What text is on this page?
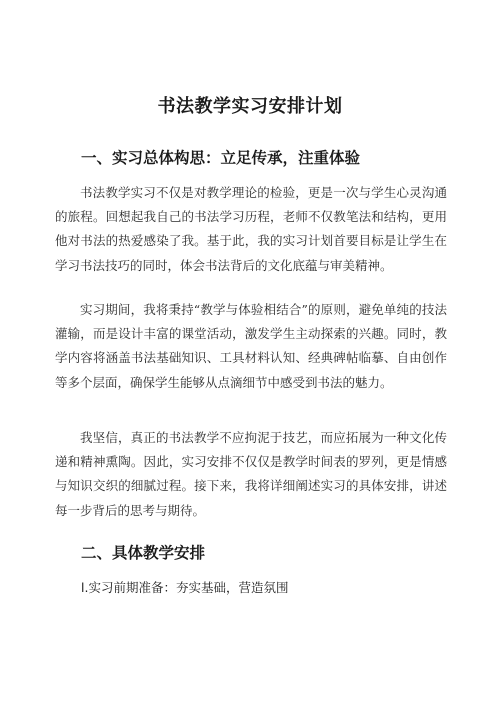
书法教学实习安排计划
一、实习总体构思：立足传承，注重体验

书法教学实习不仅是对教学理论的检验，更是一次与学生心灵沟通的旅程。回想起我自己的书法学习历程，老师不仅教笔法和结构，更用他对书法的热爱感染了我。基于此，我的实习计划首要目标是让学生在学习书法技巧的同时，体会书法背后的文化底蕴与审美精神。

实习期间，我将秉持“教学与体验相结合”的原则，避免单纯的技法灌输，而是设计丰富的课堂活动，激发学生主动探索的兴趣。同时，教学内容将涵盖书法基础知识、工具材料认知、经典碑帖临摹、自由创作等多个层面，确保学生能够从点滴细节中感受到书法的魅力。

我坚信，真正的书法教学不应拘泥于技艺，而应拓展为一种文化传递和精神熏陶。因此，实习安排不仅仅是教学时间表的罗列，更是情感与知识交织的细腻过程。接下来，我将详细阐述实习的具体安排，讲述每一步背后的思考与期待。

二、具体教学安排
l.实习前期准备：夯实基础，营造氛围
